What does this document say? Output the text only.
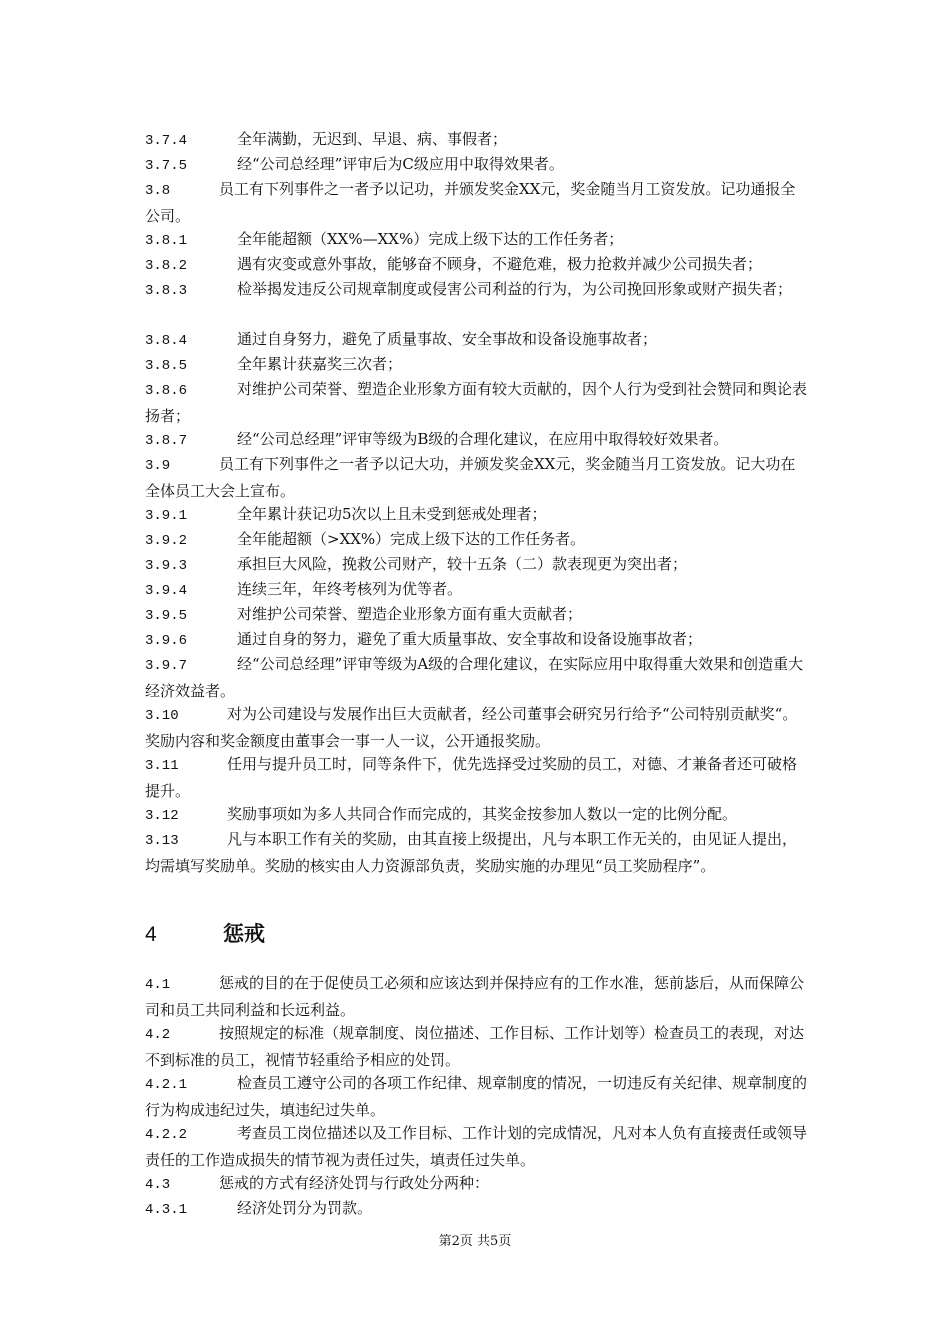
3.7.4	全年满勤，无迟到、早退、病、事假者；
3.7.5	经“公司总经理”评审后为C级应用中取得效果者。
3.8	员工有下列事件之一者予以记功，并颁发奖金XX元，奖金随当月工资发放。记功通报全公司。
3.8.1	全年能超额（XX%—XX%）完成上级下达的工作任务者；
3.8.2	遇有灾变或意外事故，能够奋不顾身，不避危难，极力抢救并减少公司损失者；
3.8.3	检举揭发违反公司规章制度或侵害公司利益的行为，为公司挽回形象或财产损失者；
3.8.4	通过自身努力，避免了质量事故、安全事故和设备设施事故者；
3.8.5	全年累计获嘉奖三次者；
3.8.6	对维护公司荣誉、塑造企业形象方面有较大贡献的，因个人行为受到社会赞同和舆论表扬者；
3.8.7	经“公司总经理”评审等级为B级的合理化建议，在应用中取得较好效果者。
3.9	员工有下列事件之一者予以记大功，并颁发奖金XX元，奖金随当月工资发放。记大功在全体员工大会上宣布。
3.9.1	全年累计获记功5次以上且未受到惩戒处理者；
3.9.2	全年能超额（>XX%）完成上级下达的工作任务者。
3.9.3	承担巨大风险，挽救公司财产，较十五条（二）款表现更为突出者；
3.9.4	连续三年，年终考核列为优等者。
3.9.5	对维护公司荣誉、塑造企业形象方面有重大贡献者；
3.9.6	通过自身的努力，避免了重大质量事故、安全事故和设备设施事故者；
3.9.7	经“公司总经理”评审等级为A级的合理化建议，在实际应用中取得重大效果和创造重大经济效益者。
3.10	对为公司建设与发展作出巨大贡献者，经公司董事会研究另行给予“公司特别贡献奖“。奖励内容和奖金额度由董事会一事一人一议，公开通报奖励。
3.11	任用与提升员工时，同等条件下，优先选择受过奖励的员工，对德、才兼备者还可破格提升。
3.12	奖励事项如为多人共同合作而完成的，其奖金按参加人数以一定的比例分配。
3.13	凡与本职工作有关的奖励，由其直接上级提出，凡与本职工作无关的，由见证人提出，均需填写奖励单。奖励的核实由人力资源部负责，奖励实施的办理见“员工奖励程序”。
4	惩戒
4.1	惩戒的目的在于促使员工必须和应该达到并保持应有的工作水准，惩前毖后，从而保障公司和员工共同利益和长远利益。
4.2	按照规定的标准（规章制度、岗位描述、工作目标、工作计划等）检查员工的表现，对达不到标准的员工，视情节轻重给予相应的处罚。
4.2.1	检查员工遵守公司的各项工作纪律、规章制度的情况，一切违反有关纪律、规章制度的行为构成违纪过失，填违纪过失单。
4.2.2	考查员工岗位描述以及工作目标、工作计划的完成情况，凡对本人负有直接责任或领导责任的工作造成损失的情节视为责任过失，填责任过失单。
4.3	惩戒的方式有经济处罚与行政处分两种：
4.3.1	经济处罚分为罚款。
第2页 共5页
